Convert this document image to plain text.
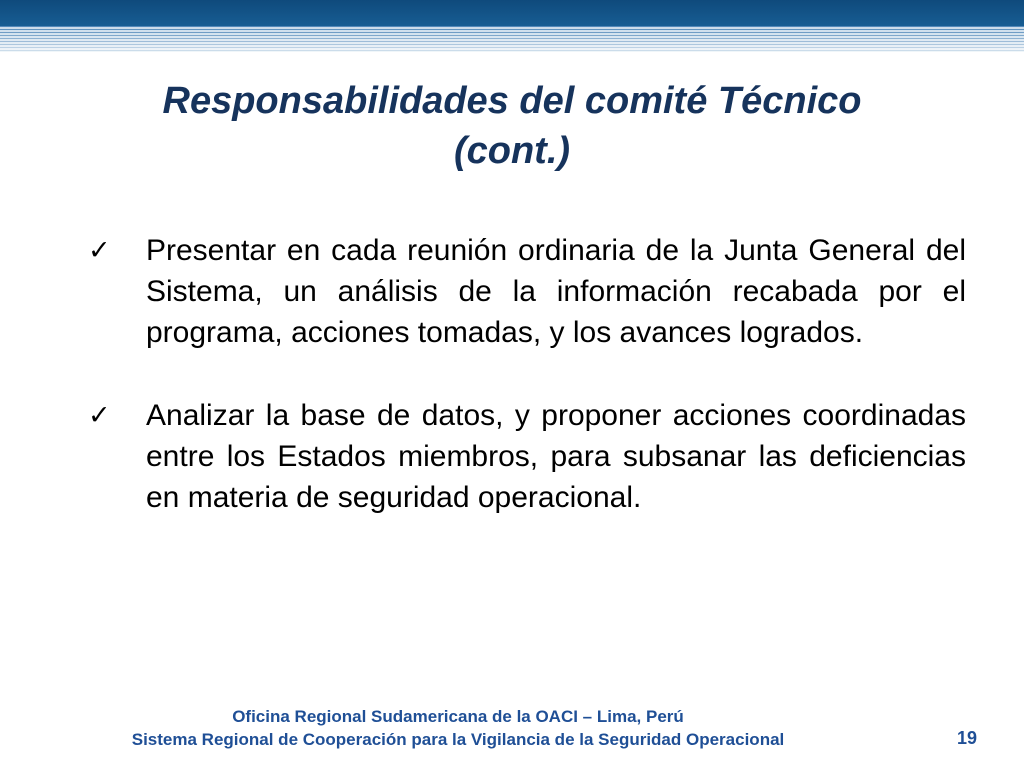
Responsabilidades del comité Técnico
(cont.)
✓	Presentar en cada reunión ordinaria de la Junta General del Sistema, un análisis de la información recabada por el programa, acciones tomadas, y los avances logrados.
✓	Analizar la base de datos, y proponer acciones coordinadas entre los Estados miembros, para subsanar las deficiencias en materia de seguridad operacional.
Oficina Regional Sudamericana de la OACI – Lima, Perú
Sistema Regional de Cooperación para la Vigilancia de la Seguridad Operacional	19
